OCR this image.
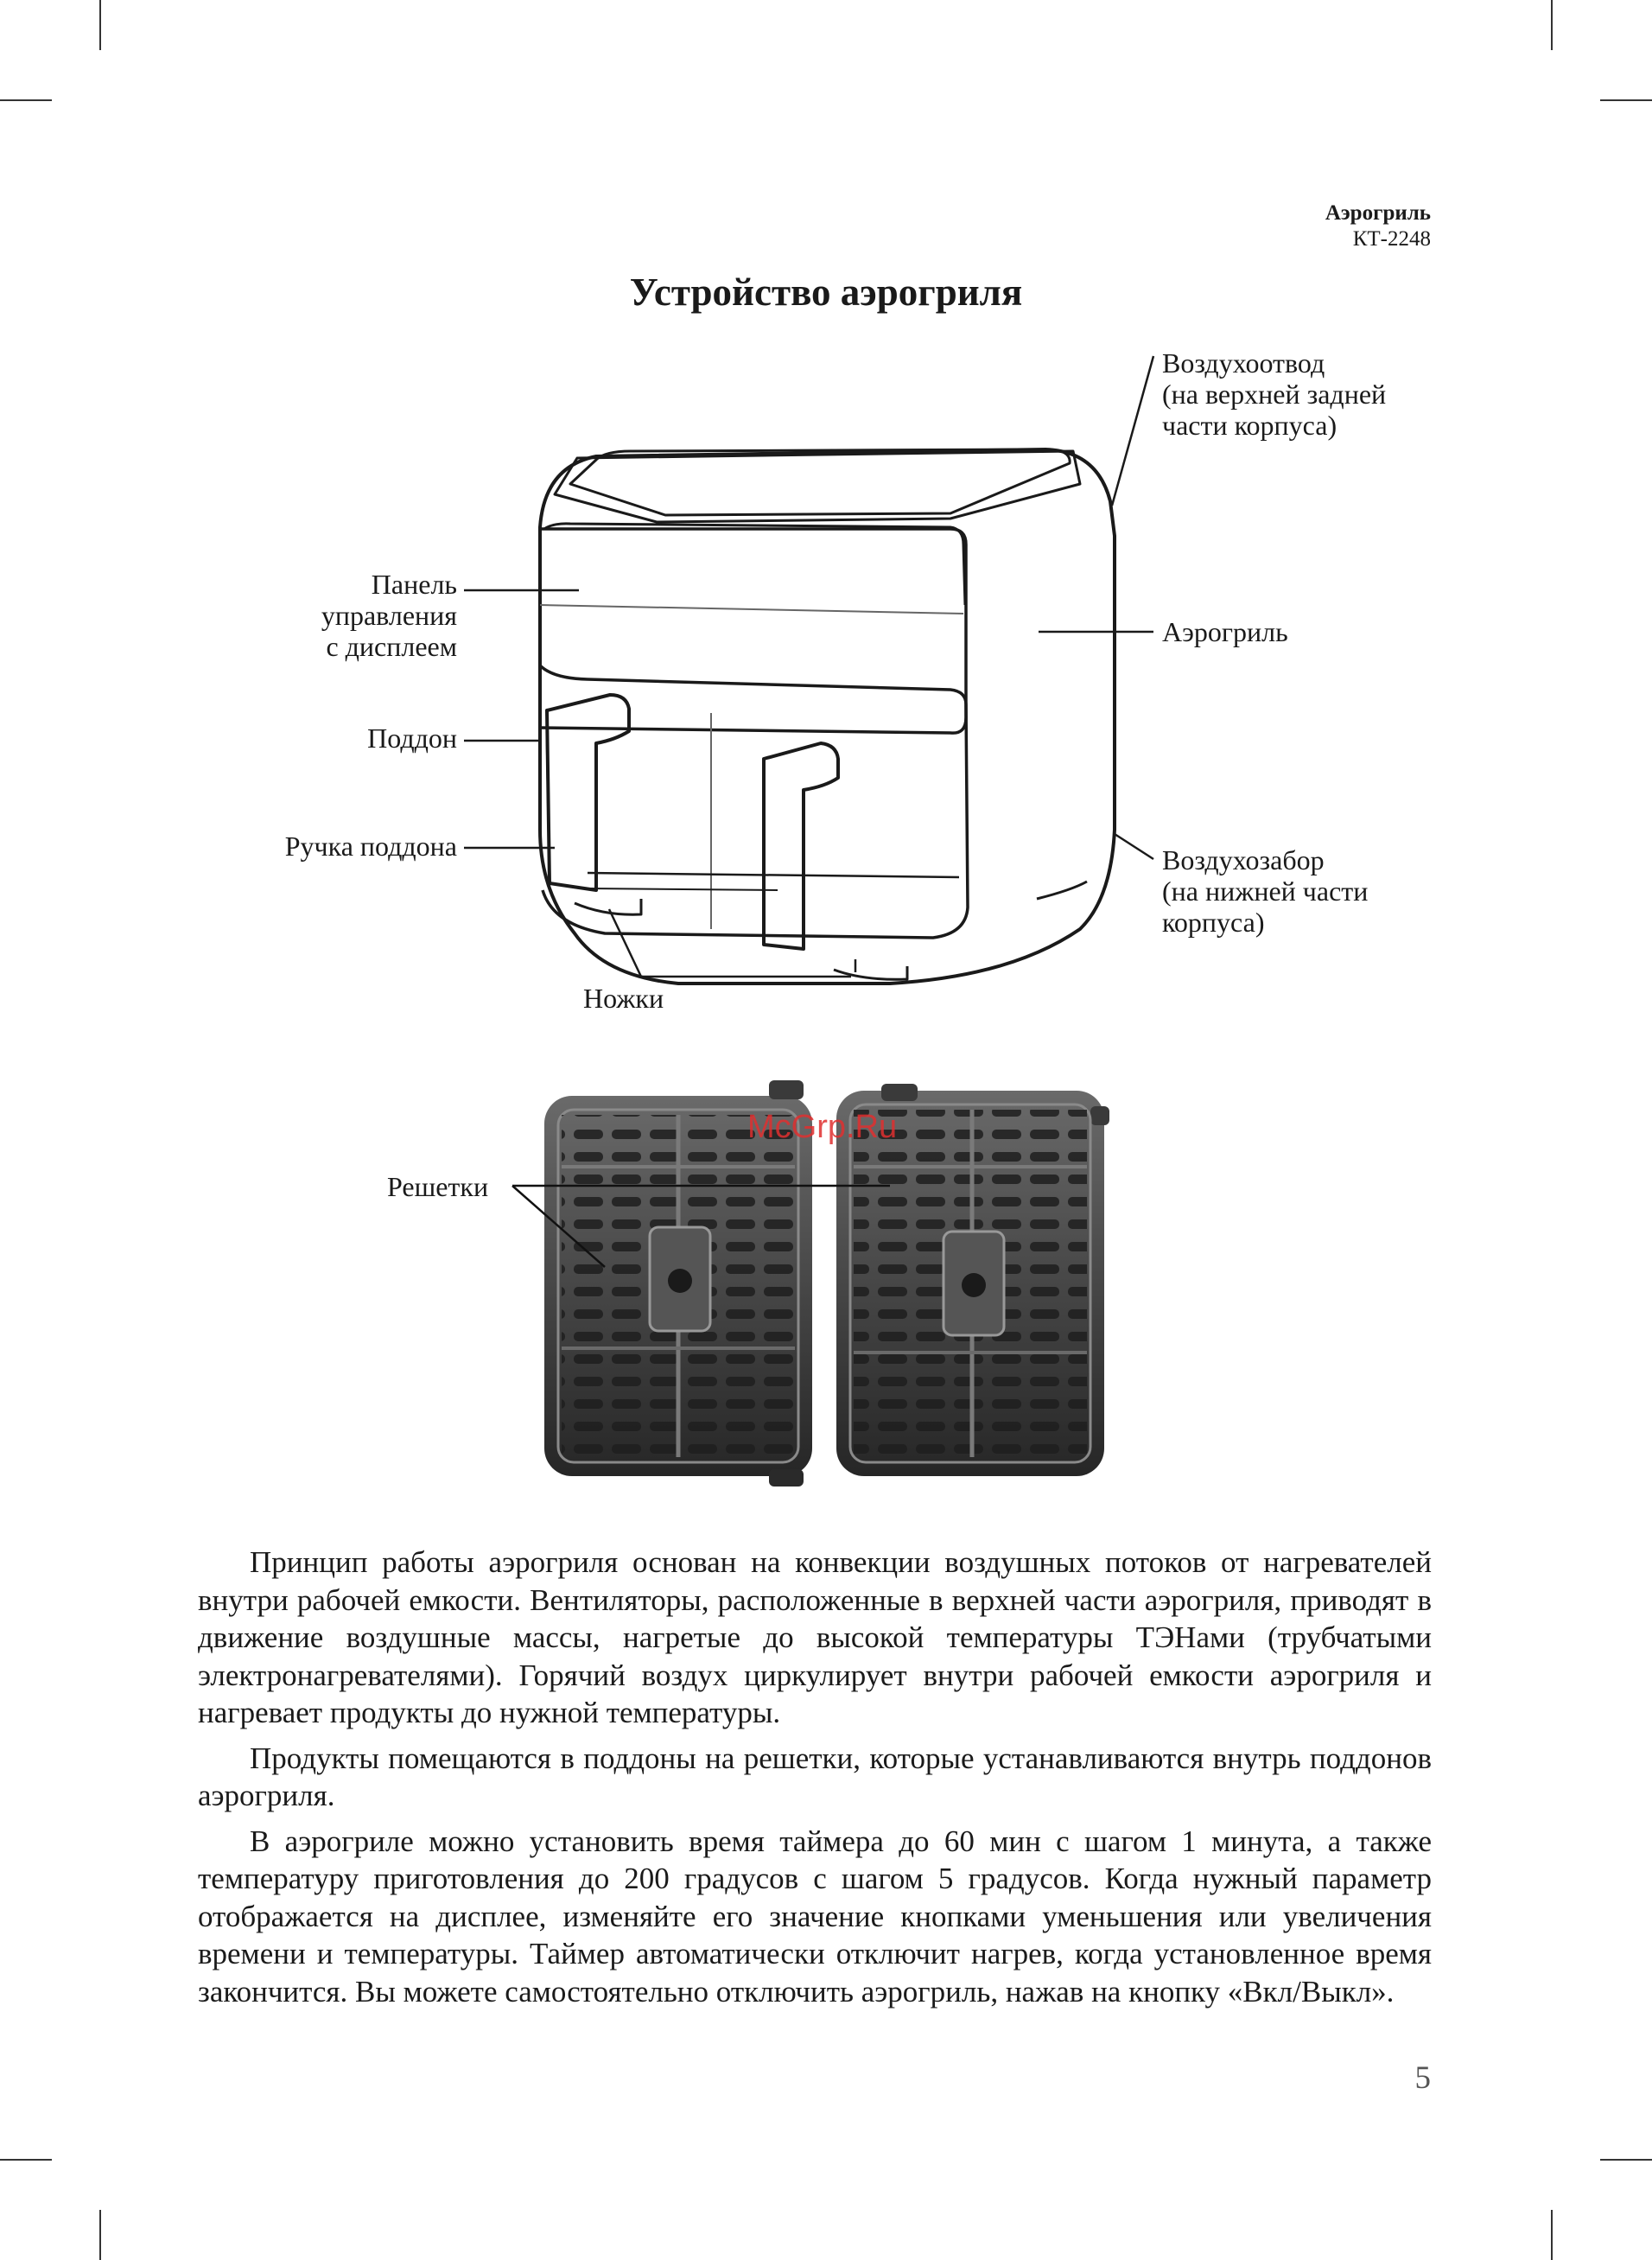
Аэрогриль
КТ-2248
Устройство аэрогриля
McGrp.Ru
Воздухоотвод
(на верхней задней
части корпуса)
Панель
управления
с дисплеем	Аэрогриль
Поддон
Ручка поддона	Воздухозабор
(на нижней части
корпуса)
Ножки
Решетки

Принцип работы аэрогриля основан на конвекции воздушных потоков от нагревателей внутри рабочей емкости. Вентиляторы, расположенные в верхней части аэрогриля, приводят в движение воздушные массы, нагретые до высокой температуры ТЭНами (трубчатыми электронагревателями). Горячий воздух циркулирует внутри рабочей емкости аэрогриля и нагревает продукты до нужной температуры.

Продукты помещаются в поддоны на решетки, которые устанавливаются внутрь поддонов аэрогриля.

В аэрогриле можно установить время таймера до 60 мин с шагом 1 минута, а также температуру приготовления до 200 градусов с шагом 5 градусов. Когда нужный параметр отображается на дисплее, изменяйте его значение кнопками уменьшения или увеличения времени и температуры. Таймер автоматически отключит нагрев, когда установленное время закончится. Вы можете самостоятельно отключить аэрогриль, нажав на кнопку «Вкл/Выкл».

5
